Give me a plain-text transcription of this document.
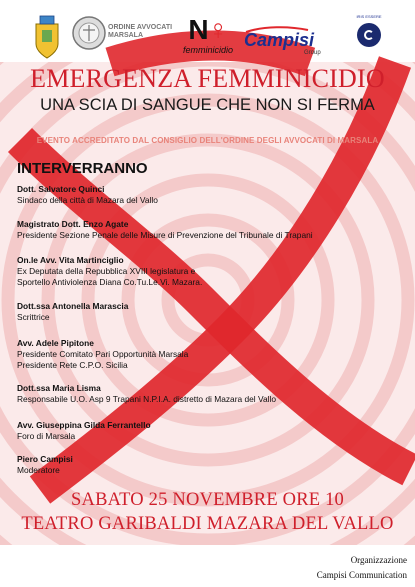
ORDINE AVVOCATI
MARSALA	N♀
femminicidio Campisi
Group
IRIS ESSERE
EMERGENZA FEMMINICIDIO
UNA SCIA DI SANGUE CHE NON SI FERMA
EVENTO ACCREDITATO DAL CONSIGLIO DELL'ORDINE DEGLI AVVOCATI DI MARSALA
INTERVERRANNO
Dott. Salvatore Quinci
Sindaco della città di Mazara del Vallo
Magistrato Dott. Enzo Agate
Presidente Sezione Penale delle Misure di Prevenzione del Tribunale di Trapani
On.le Avv. Vita Martinciglio
Ex Deputata della Repubblica XVIII legislatura e
Sportello Antiviolenza Diana Co.Tu.Le.Vi. Mazara.
Dott.ssa Antonella Marascia
Scrittrice
Avv. Adele Pipitone
Presidente Comitato Pari Opportunità Marsala
Presidente Rete C.P.O. Sicilia
Dott.ssa Maria Lisma
Responsabile U.O. Asp 9 Trapani N.P.I.A. distretto di Mazara del Vallo
Avv. Giuseppina Gilda Ferrantello
Foro di Marsala
Piero Campisi
Moderatore
SABATO 25 NOVEMBRE ORE 10
TEATRO GARIBALDI MAZARA DEL VALLO
Organizzazione
Campisi Communication
